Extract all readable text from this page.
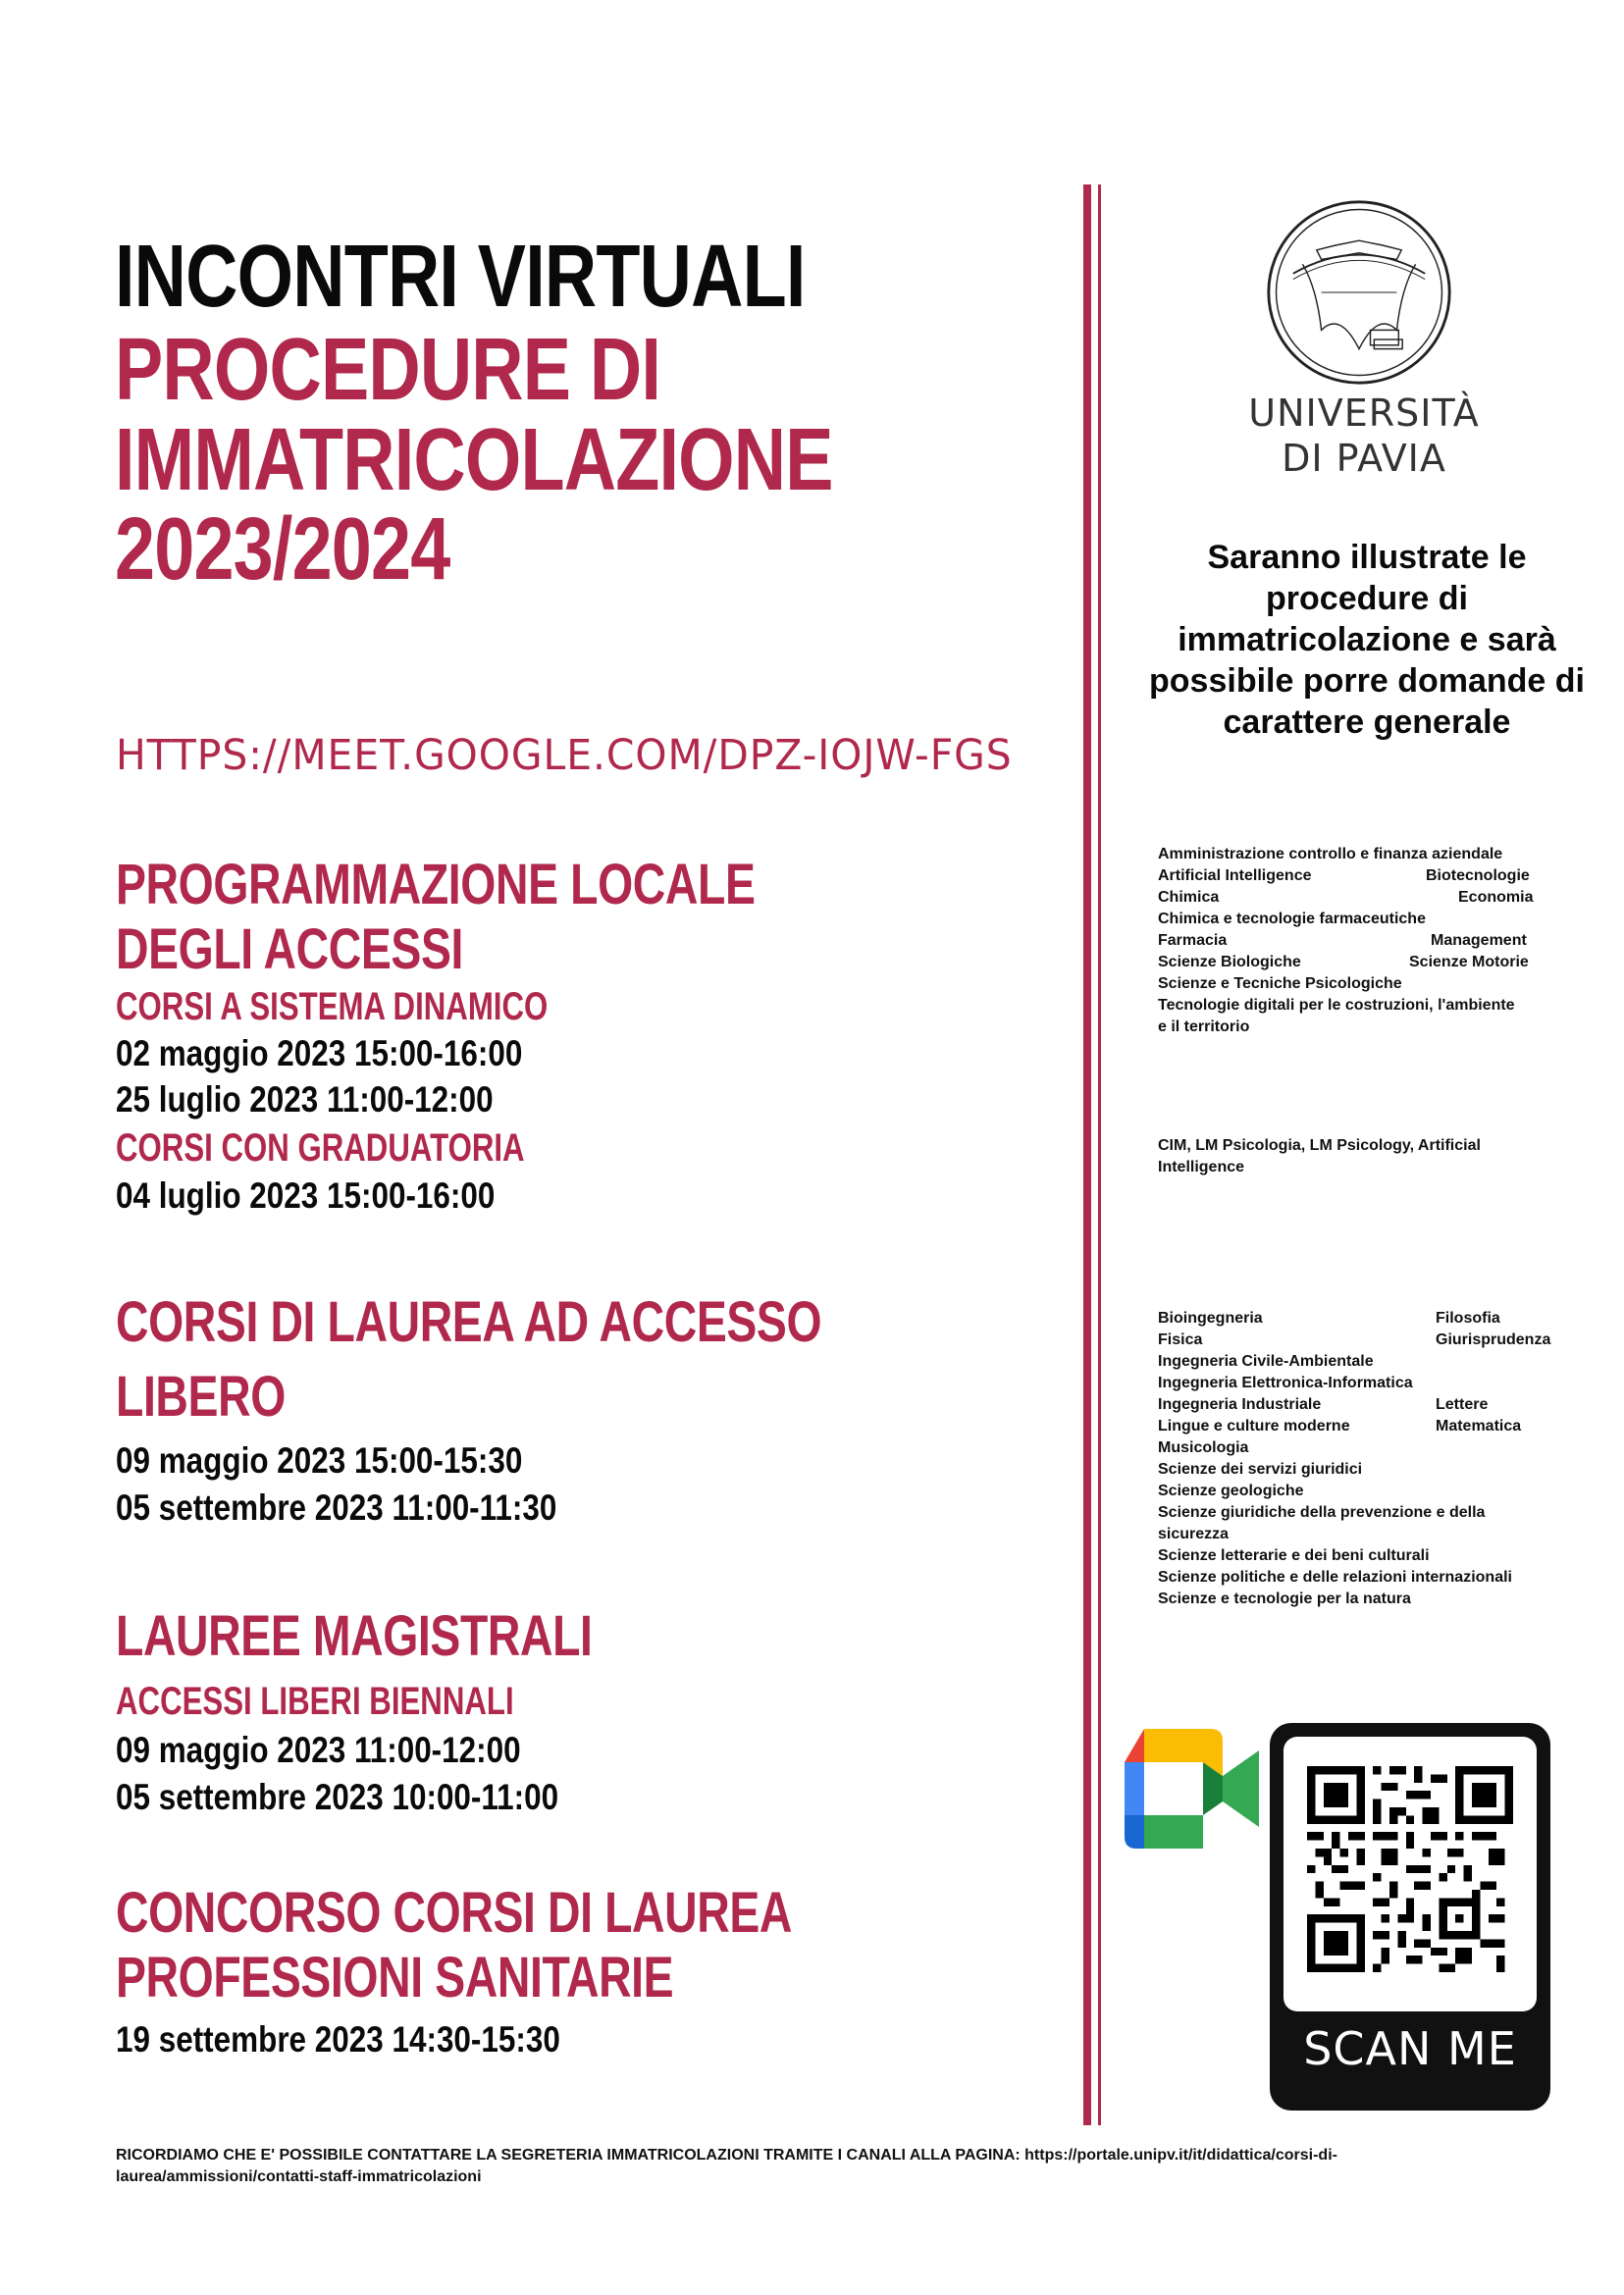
INCONTRI VIRTUALI
PROCEDURE DI
IMMATRICOLAZIONE
2023/2024
HTTPS://MEET.GOOGLE.COM/DPZ-IOJW-FGS
PROGRAMMAZIONE LOCALE
DEGLI ACCESSI
CORSI A SISTEMA DINAMICO
02 maggio 2023 15:00-16:00
25 luglio 2023 11:00-12:00
CORSI CON GRADUATORIA
04 luglio 2023 15:00-16:00
CORSI DI LAUREA AD ACCESSO
LIBERO
09 maggio 2023 15:00-15:30
05 settembre 2023 11:00-11:30
LAUREE MAGISTRALI
ACCESSI LIBERI BIENNALI
09 maggio 2023 11:00-12:00
05 settembre 2023 10:00-11:00
CONCORSO CORSI DI LAUREA
PROFESSIONI SANITARIE
19 settembre 2023 14:30-15:30
UNIVERSITÀ
DI PAVIA
Saranno illustrate le procedure di immatricolazione e sarà possibile porre domande di carattere generale
Amministrazione controllo e finanza aziendale
Artificial Intelligence	Biotecnologie
Chimica	Economia
Chimica e tecnologie farmaceutiche
Farmacia	Management
Scienze Biologiche	Scienze Motorie
Scienze e Tecniche Psicologiche
Tecnologie digitali per le costruzioni, l'ambiente
e il territorio
CIM, LM Psicologia, LM Psicology, Artificial
Intelligence
Bioingegneria	Filosofia
Fisica	Giurisprudenza
Ingegneria Civile-Ambientale
Ingegneria Elettronica-Informatica
Ingegneria Industriale	Lettere
Lingue e culture moderne	Matematica
Musicologia
Scienze dei servizi giuridici
Scienze geologiche
Scienze giuridiche della prevenzione e della
sicurezza
Scienze letterarie e dei beni culturali
Scienze politiche e delle relazioni internazionali
Scienze e tecnologie per la natura
SCAN ME
RICORDIAMO CHE E' POSSIBILE CONTATTARE LA SEGRETERIA IMMATRICOLAZIONI TRAMITE I CANALI ALLA PAGINA: https://portale.unipv.it/it/didattica/corsi-di-
laurea/ammissioni/contatti-staff-immatricolazioni
